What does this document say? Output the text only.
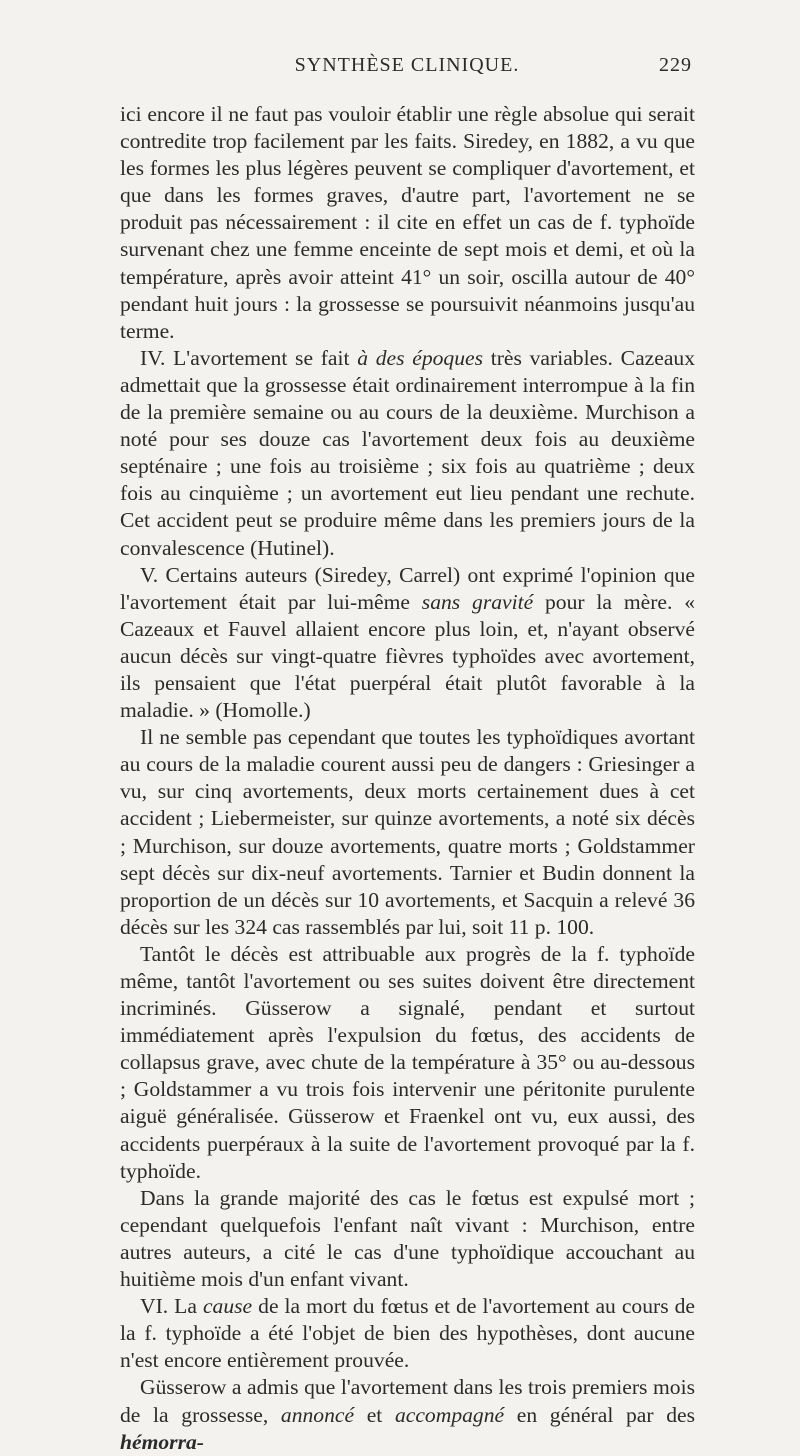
SYNTHÈSE CLINIQUE.	229

ici encore il ne faut pas vouloir établir une règle absolue qui serait contredite trop facilement par les faits. Siredey, en 1882, a vu que les formes les plus légères peuvent se compliquer d'avortement, et que dans les formes graves, d'autre part, l'avortement ne se produit pas nécessairement : il cite en effet un cas de f. typhoïde survenant chez une femme enceinte de sept mois et demi, et où la température, après avoir atteint 41° un soir, oscilla autour de 40° pendant huit jours : la grossesse se poursuivit néanmoins jusqu'au terme.

IV. L'avortement se fait à des époques très variables. Cazeaux admettait que la grossesse était ordinairement interrompue à la fin de la première semaine ou au cours de la deuxième. Murchison a noté pour ses douze cas l'avortement deux fois au deuxième septénaire ; une fois au troisième ; six fois au quatrième ; deux fois au cinquième ; un avortement eut lieu pendant une rechute. Cet accident peut se produire même dans les premiers jours de la convalescence (Hutinel).

V. Certains auteurs (Siredey, Carrel) ont exprimé l'opinion que l'avortement était par lui-même sans gravité pour la mère. « Cazeaux et Fauvel allaient encore plus loin, et, n'ayant observé aucun décès sur vingt-quatre fièvres typhoïdes avec avortement, ils pensaient que l'état puerpéral était plutôt favorable à la maladie. » (Homolle.)

Il ne semble pas cependant que toutes les typhoïdiques avortant au cours de la maladie courent aussi peu de dangers : Griesinger a vu, sur cinq avortements, deux morts certainement dues à cet accident ; Liebermeister, sur quinze avortements, a noté six décès ; Murchison, sur douze avortements, quatre morts ; Goldstammer sept décès sur dix-neuf avortements. Tarnier et Budin donnent la proportion de un décès sur 10 avortements, et Sacquin a relevé 36 décès sur les 324 cas rassemblés par lui, soit 11 p. 100.

Tantôt le décès est attribuable aux progrès de la f. typhoïde même, tantôt l'avortement ou ses suites doivent être directement incriminés. Güsserow a signalé, pendant et surtout immédiatement après l'expulsion du fœtus, des accidents de collapsus grave, avec chute de la température à 35° ou au-dessous ; Goldstammer a vu trois fois intervenir une péritonite purulente aiguë généralisée. Güsserow et Fraenkel ont vu, eux aussi, des accidents puerpéraux à la suite de l'avortement provoqué par la f. typhoïde.

Dans la grande majorité des cas le fœtus est expulsé mort ; cependant quelquefois l'enfant naît vivant : Murchison, entre autres auteurs, a cité le cas d'une typhoïdique accouchant au huitième mois d'un enfant vivant.

VI. La cause de la mort du fœtus et de l'avortement au cours de la f. typhoïde a été l'objet de bien des hypothèses, dont aucune n'est encore entièrement prouvée.

Güsserow a admis que l'avortement dans les trois premiers mois de la grossesse, annoncé et accompagné en général par des hémorra-
